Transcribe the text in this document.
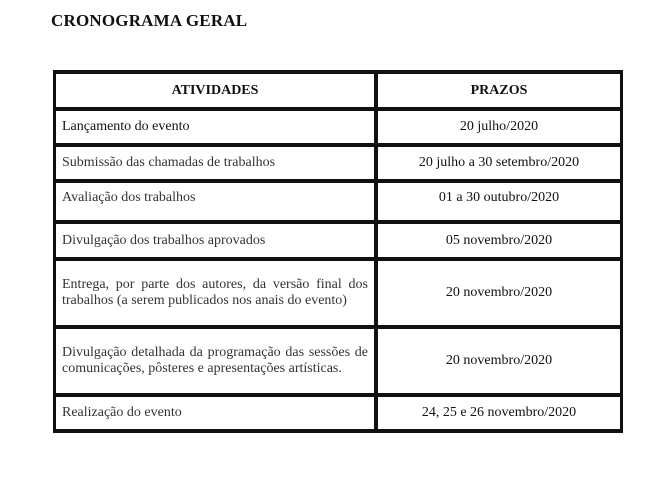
CRONOGRAMA GERAL
ATIVIDADES	PRAZOS
Lançamento do evento	20 julho/2020
Submissão das chamadas de trabalhos	20 julho a 30 setembro/2020
Avaliação dos trabalhos	01 a 30 outubro/2020
Divulgação dos trabalhos aprovados	05 novembro/2020
Entrega, por parte dos autores, da versão final dos trabalhos (a serem publicados nos anais do evento)	20 novembro/2020
Divulgação detalhada da programação das sessões de comunicações, pôsteres e apresentações artísticas.	20 novembro/2020
Realização do evento	24, 25 e 26 novembro/2020
